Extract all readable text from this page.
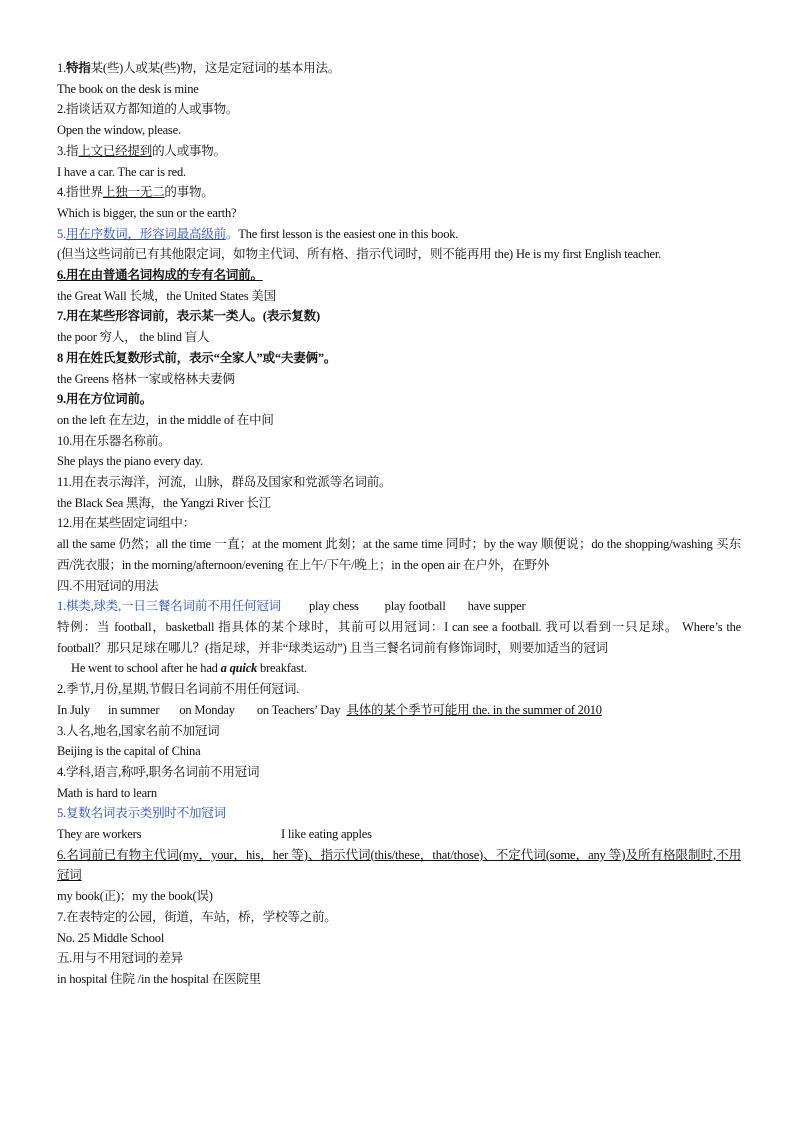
1.特指某(些)人或某(些)物，这是定冠词的基本用法。
The book on the desk is mine
2.指谈话双方都知道的人或事物。
Open the window, please.
3.指上文已经提到的人或事物。
I have a car. The car is red.
4.指世界上独一无二的事物。
Which is bigger, the sun or the earth?
5.用在序数词，形容词最高级前。The first lesson is the easiest one in this book.
(但当这些词前已有其他限定词，如物主代词、所有格、指示代词时，则不能再用 the) He is my first English teacher.
6.用在由普通名词构成的专有名词前。
the Great Wall 长城，the United States 美国
7.用在某些形容词前，表示某一类人。(表示复数)
the poor 穷人， the blind 盲人
8 用在姓氏复数形式前，表示“全家人”或“夫妻俩”。
the Greens 格林一家或格林夫妻俩
9.用在方位词前。
on the left 在左边，in the middle of 在中间
10.用在乐器名称前。
She plays the piano every day.
11.用在表示海洋，河流，山脉，群岛及国家和党派等名词前。
the Black Sea 黑海，the Yangzi River 长江
12.用在某些固定词组中：
all the same 仍然；all the time 一直；at the moment 此刻；at the same time 同时；by the way 顺便说；do the shopping/washing 买东西/洗衣服；in the morning/afternoon/evening 在上午/下午/晚上；in the open air 在户外，在野外
四.不用冠词的用法
1.棋类,球类,一日三餐名词前不用任何冠词 play chess play football have supper
特例：当 football，basketball 指具体的某个球时，其前可以用冠词：I can see a football. 我可以看到一只足球。 Where’s the football？那只足球在哪儿？(指足球，并非“球类运动”) 且当三餐名词前有修饰词时，则要加适当的冠词
He went to school after he had a quick breakfast.
2.季节,月份,星期,节假日名词前不用任何冠词.
In July in summer on Monday on Teachers’ Day 具体的某个季节可能用 the. in the summer of 2010
3.人名,地名,国家名前不加冠词
Beijing is the capital of China
4.学科,语言,称呼,职务名词前不用冠词
Math is hard to learn
5.复数名词表示类别时不加冠词
They are workers	I like eating apples
6.名词前已有物主代词(my，your，his，her 等)、指示代词(this/these，that/those)、不定代词(some，any 等)及所有格限制时,不用冠词
my book(正)；my the book(误)
7.在表特定的公园，街道，车站，桥，学校等之前。
No. 25 Middle School
五.用与不用冠词的差异
in hospital 住院 /in the hospital 在医院里
